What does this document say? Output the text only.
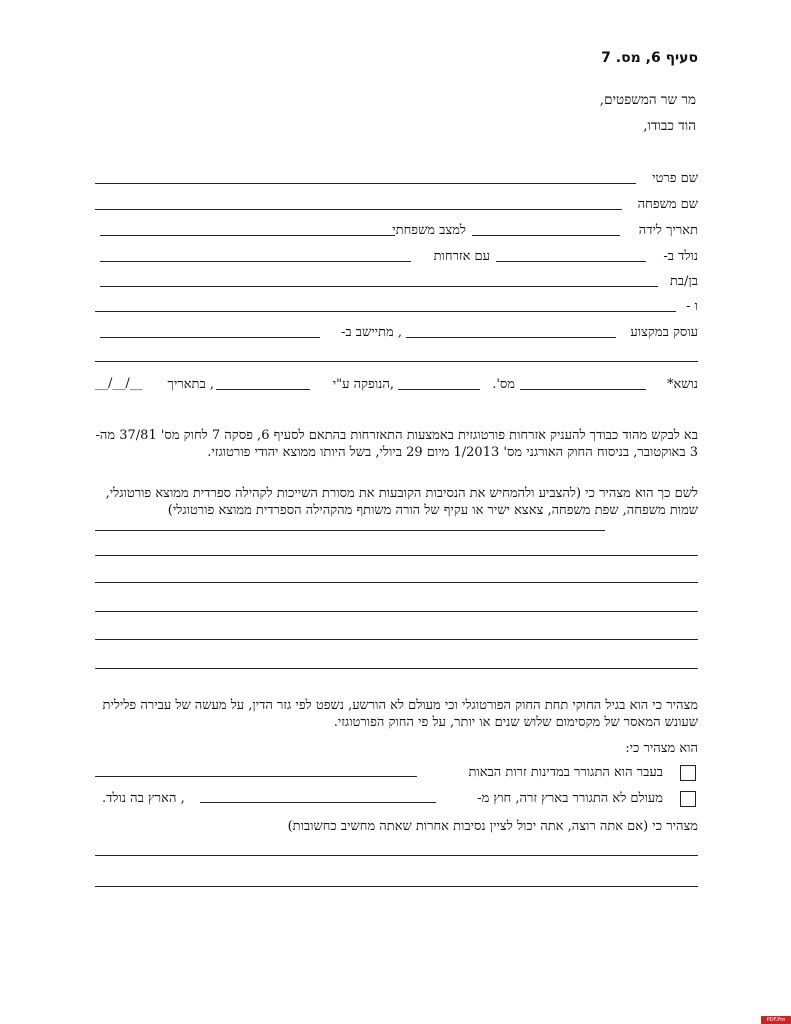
סעיף 6, מס. 7
מר שר המשפטים,
הוד כבודו,
שם פרטי
שם משפחה
תאריך לידה
למצב משפחתי
נולד ב-
עם אזרחות
בן/בת
ו -
עוסק במקצוע
, מתיישב ב-
נושא*
מס'.
,הנופקה ע"י
, בתאריך
__/__/__
בא לבקש מהוד כבודך להעניק אזרחות פורטוגזית באמצעות התאזרחות בהתאם לסעיף 6, פסקה 7 לחוק מס' 37/81 מה- 3 באוקטובר, בניסוח החוק האורגני מס' 1/2013 מיום 29 ביולי, בשל היותו ממוצא יהודי פורטוגזי.
לשם כך הוא מצהיר כי (להצביע ולהמחיש את הנסיבות הקובעות את מסורת השייכות לקהילה ספרדית ממוצא פורטוגלי, שמות משפחה, שפת משפחה, צאצא ישיר או עקיף של הורה משותף מהקהילה הספרדית ממוצא פורטוגלי)
מצהיר כי הוא בגיל החוקי תחת החוק הפורטוגלי וכי מעולם לא הורשע, נשפט לפי גזר הדין, על מעשה של עבירה פלילית שעונש המאסר של מקסימום שלוש שנים או יותר, על פי החוק הפורטוגזי.
הוא מצהיר כי:
בעבר הוא התגורר במדינות זרות הבאות
מעולם לא התגורר בארץ זרה, חוץ מ-
, הארץ בה נולד.
מצהיר כי (אם אתה רוצה, אתה יכול לציין נסיבות אחרות שאתה מחשיב כחשובות)
PDF.Pro
